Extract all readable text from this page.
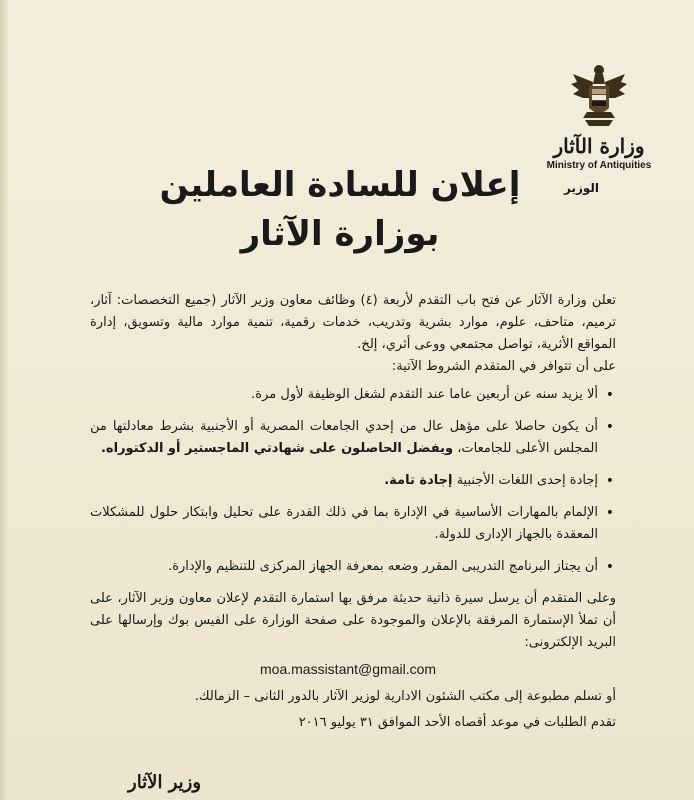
وزارة الآثار
Ministry of Antiquities
الوزير
إعلان للسادة العاملين
بوزارة الآثار

تعلن وزارة الآثار عن فتح باب التقدم لأربعة (٤) وظائف معاون وزير الآثار (جميع التخصصات: آثار، ترميم، متاحف، علوم، موارد بشرية وتدريب، خدمات رقمية، تنمية موارد مالية وتسويق، إدارة المواقع الأثرية، تواصل مجتمعي ووعى أثري، إلخ.

على أن تتوافر في المتقدم الشروط الآتية:

• ألا يزيد سنه عن أربعين عاما عند التقدم لشغل الوظيفة لأول مرة.
• أن يكون حاصلا على مؤهل عال من إحدي الجامعات المصرية أو الأجنبية بشرط معادلتها من المجلس الأعلى للجامعات، ويفضل الحاصلون على شهادتي الماجستير أو الدكتوراه.
• إجادة إحدى اللغات الأجنبية إجادة تامة.
• الإلمام بالمهارات الأساسية في الإدارة بما في ذلك القدرة على تحليل وابتكار حلول للمشكلات المعقدة بالجهاز الإدارى للدولة.
• أن يجتاز البرنامج التدريبى المقرر وضعه بمعرفة الجهاز المركزى للتنظيم والإدارة.

وعلى المتقدم أن يرسل سيرة ذاتية حديثة مرفق بها استمارة التقدم لإعلان معاون وزير الآثار، على أن تملأ الإستمارة المرفقة بالإعلان والموجودة على صفحة الوزارة على الفيس بوك وإرسالها على البريد الإلكترونى:

moa.massistant@gmail.com

أو تسلم مطبوعة إلى مكتب الشئون الادارية لوزير الآثار بالدور الثانى – الزمالك.

تقدم الطلبات في موعد أقصاه الأحد الموافق ٣١ يوليو ٢٠١٦

وزير الآثار
